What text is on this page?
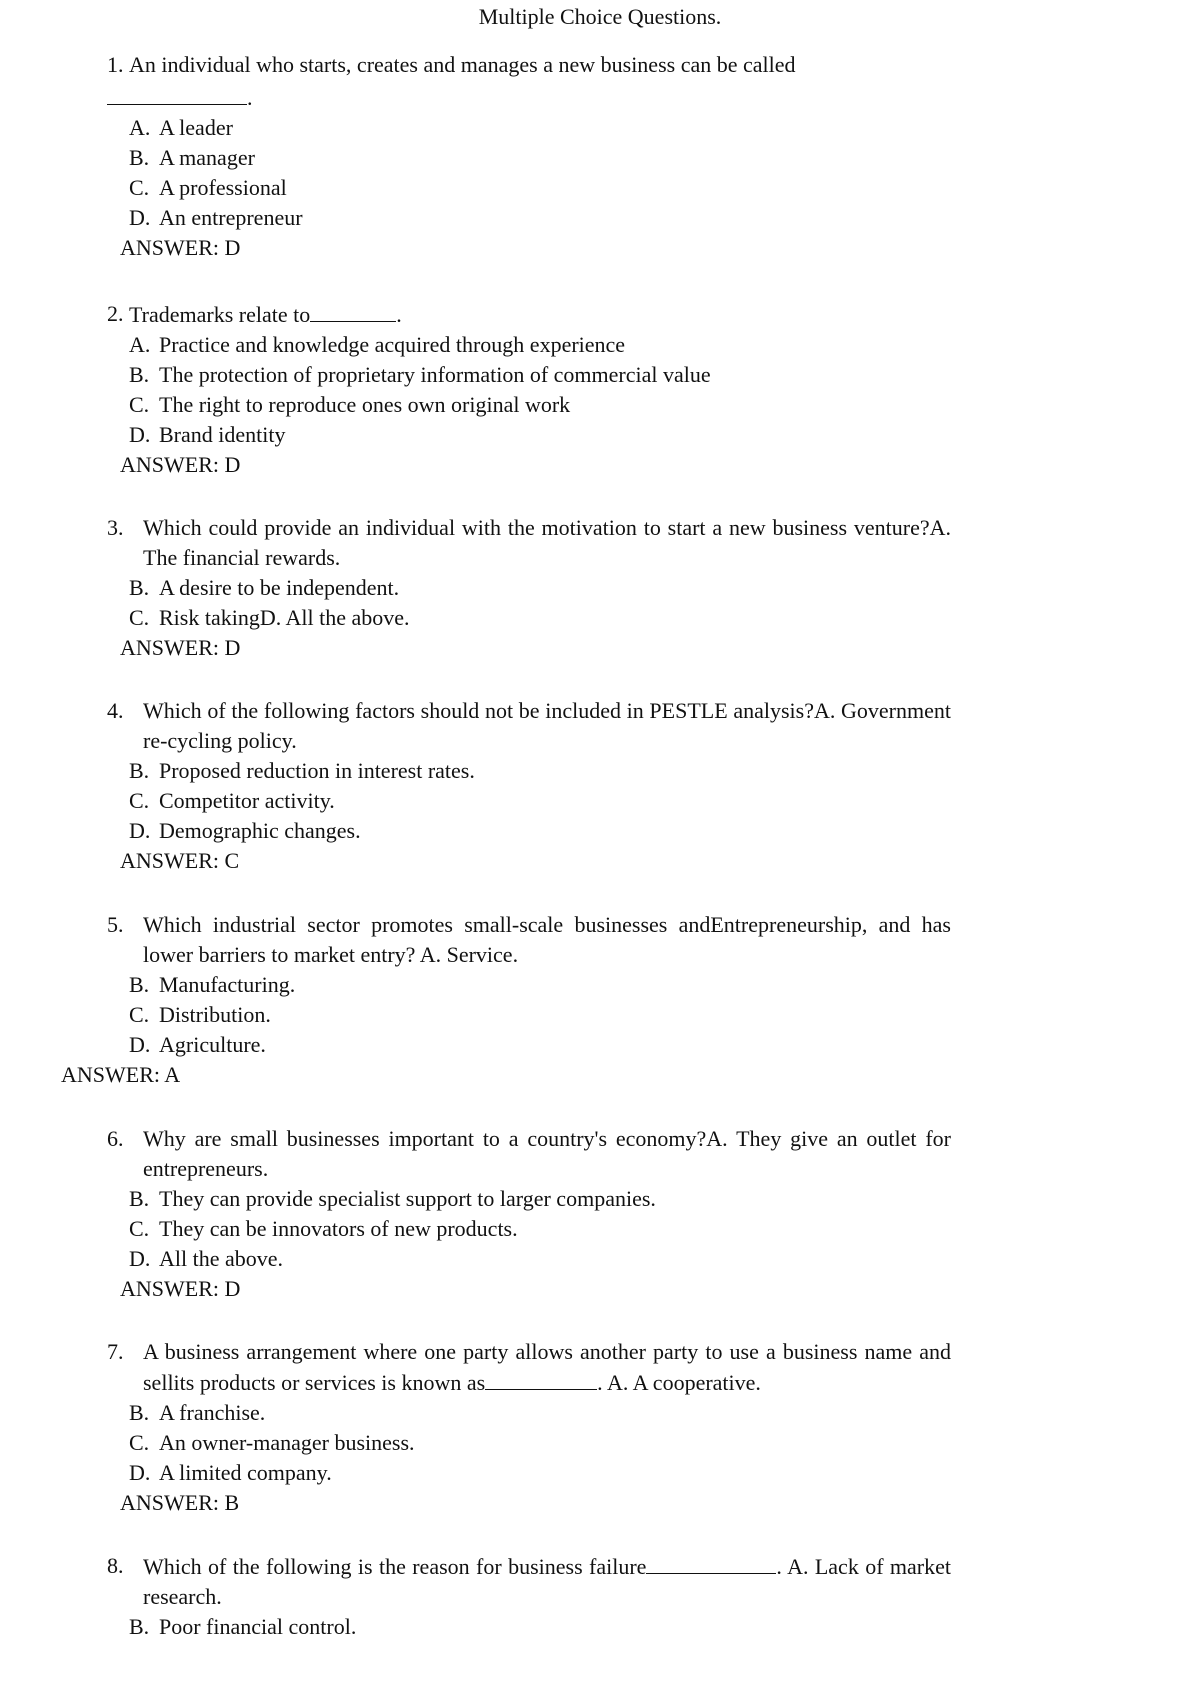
Multiple Choice Questions.
1.
An individual who starts, creates and manages a new business can be called
.
A. A leader
B. A manager
C. A professional
D. An entrepreneur
ANSWER: D
2.
Trademarks relate to	.
A. Practice and knowledge acquired through experience
B. The protection of proprietary information of commercial value
C. The right to reproduce ones own original work
D. Brand identity
ANSWER: D
3. Which could provide an individual with the motivation to start a new business venture?A. The financial rewards.
B. A desire to be independent.
C. Risk takingD. All the above.
ANSWER: D
4. Which of the following factors should not be included in PESTLE analysis?A. Government re-cycling policy.
B. Proposed reduction in interest rates.
C. Competitor activity.
D. Demographic changes.
ANSWER: C
5. Which industrial sector promotes small-scale businesses andEntrepreneurship, and has lower barriers to market entry? A. Service.
B. Manufacturing.
C. Distribution.
D. Agriculture.
ANSWER: A
6. Why are small businesses important to a country's economy?A. They give an outlet for entrepreneurs.
B. They can provide specialist support to larger companies.
C. They can be innovators of new products.
D. All the above.
ANSWER: D
7. A business arrangement where one party allows another party to use a business name and sellits products or services is known as	. A. A cooperative.
B. A franchise.
C. An owner-manager business.
D. A limited company.
ANSWER: B
8. Which of the following is the reason for business failure	. A. Lack of market research.
B. Poor financial control.
